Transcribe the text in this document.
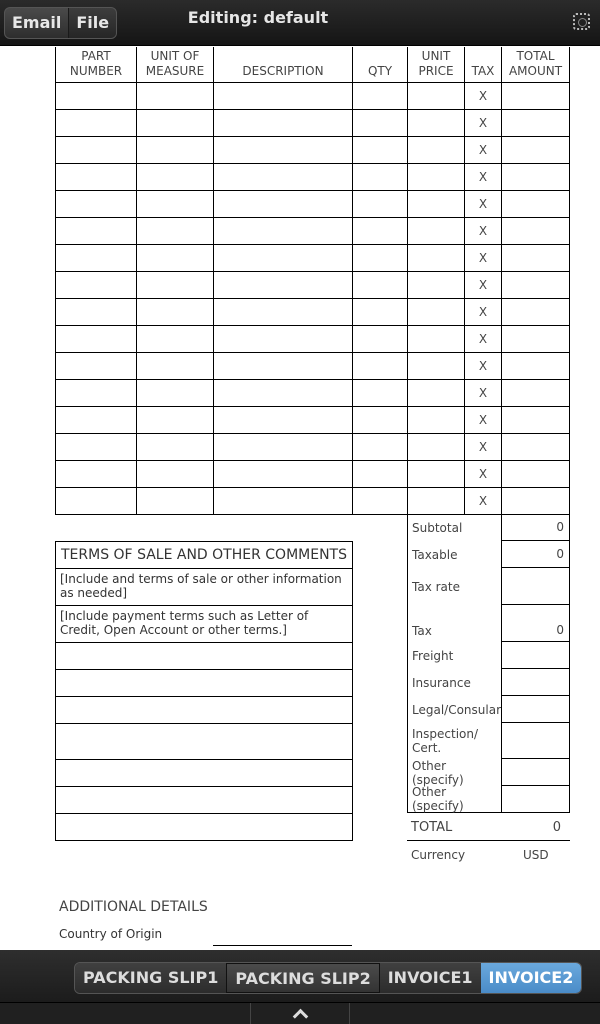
Email File	Editing: default
PART NUMBER	UNIT OF MEASURE	DESCRIPTION	QTY	UNIT PRICE	TAX	TOTAL AMOUNT
					X	
					X	
					X	
					X	
					X	
					X	
					X	
					X	
					X	
					X	
					X	
					X	
					X	
					X	
					X	
					X	
TERMS OF SALE AND OTHER COMMENTS
[Include and terms of sale or other information as needed]
[Include payment terms such as Letter of Credit, Open Account or other terms.]
Subtotal	0
Taxable	0
Tax rate
Tax	0
Freight
Insurance
Legal/Consular
Inspection/ Cert.
Other (specify)
Other (specify)
TOTAL	0
Currency	USD
ADDITIONAL DETAILS
Country of Origin
PACKING SLIP1	PACKING SLIP2	INVOICE1	INVOICE2
